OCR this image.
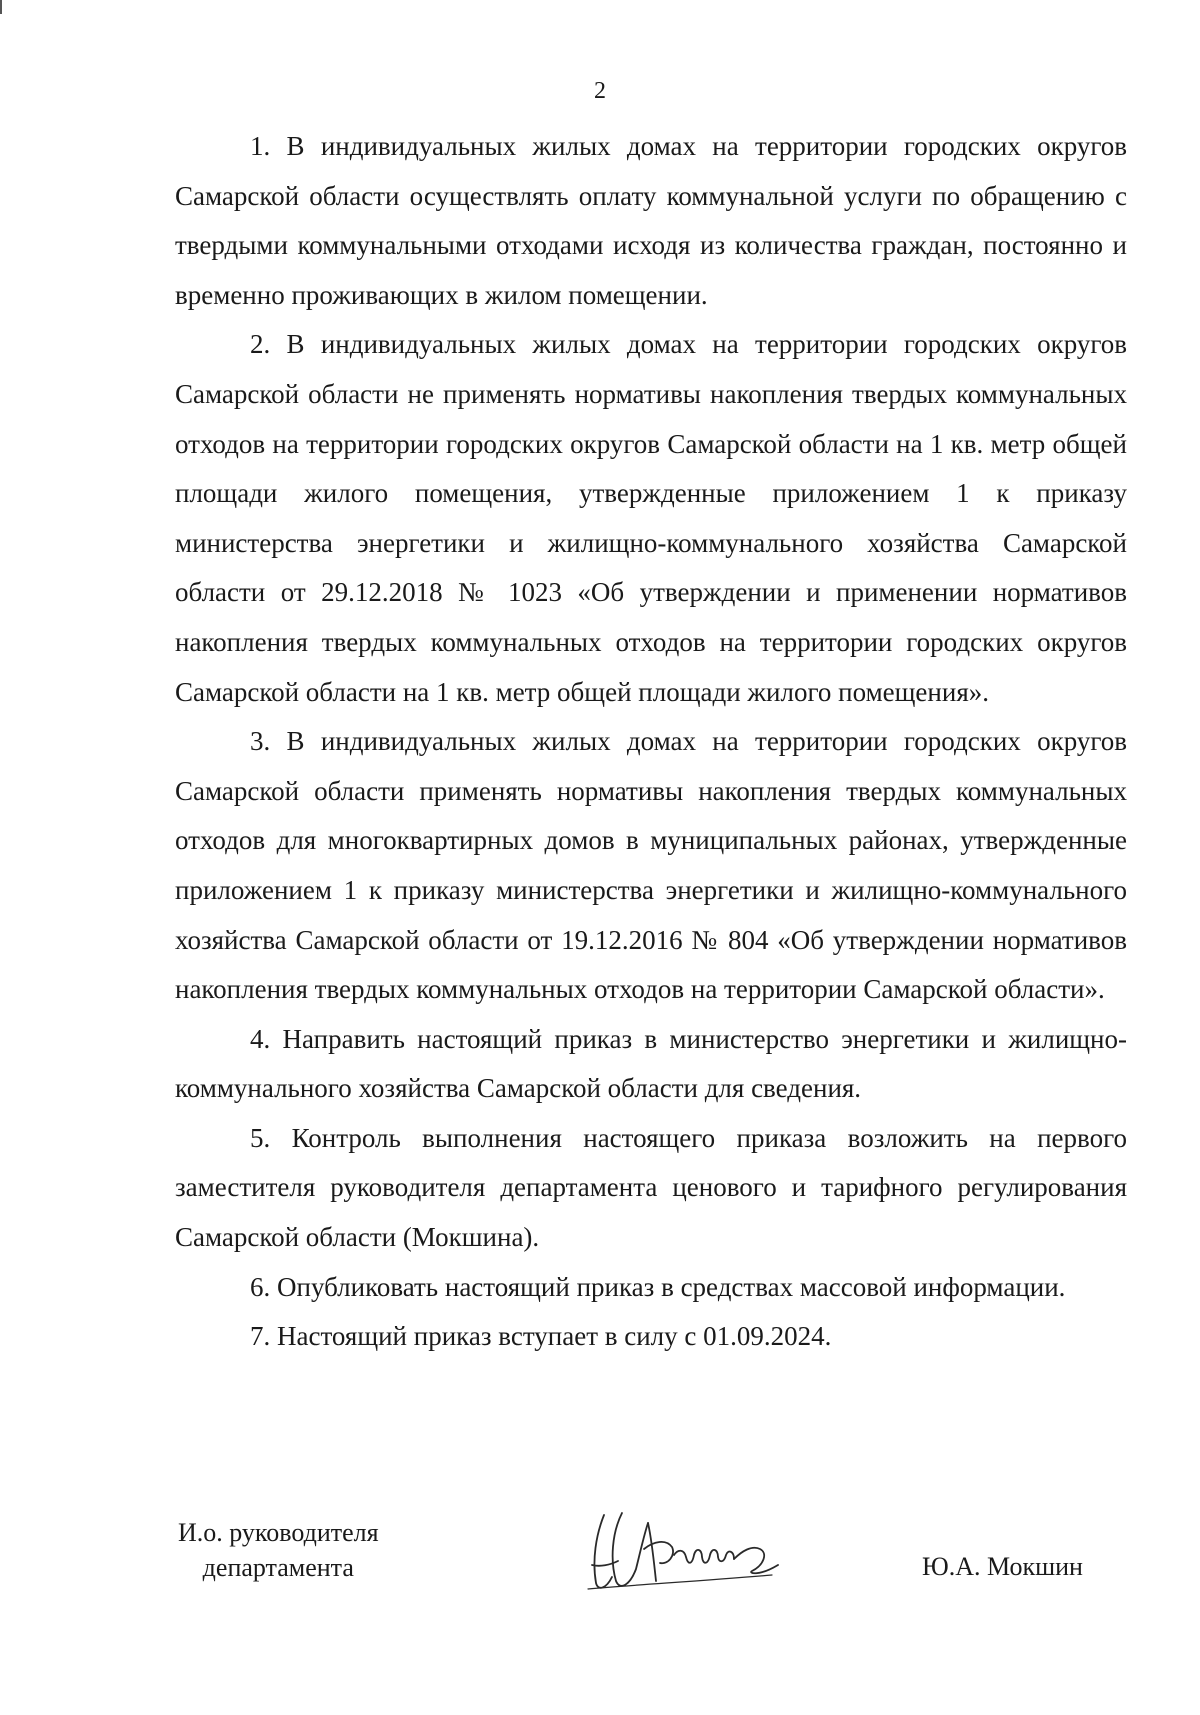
2

1. В индивидуальных жилых домах на территории городских округов Самарской области осуществлять оплату коммунальной услуги по обращению с твердыми коммунальными отходами исходя из количества граждан, постоянно и временно проживающих в жилом помещении.

2. В индивидуальных жилых домах на территории городских округов Самарской области не применять нормативы накопления твердых коммунальных отходов на территории городских округов Самарской области на 1 кв. метр общей площади жилого помещения, утвержденные приложением 1 к приказу министерства энергетики и жилищно-коммунального хозяйства Самарской области от 29.12.2018 № 1023 «Об утверждении и применении нормативов накопления твердых коммунальных отходов на территории городских округов Самарской области на 1 кв. метр общей площади жилого помещения».

3. В индивидуальных жилых домах на территории городских округов Самарской области применять нормативы накопления твердых коммунальных отходов для многоквартирных домов в муниципальных районах, утвержденные приложением 1 к приказу министерства энергетики и жилищно-коммунального хозяйства Самарской области от 19.12.2016 № 804 «Об утверждении нормативов накопления твердых коммунальных отходов на территории Самарской области».

4. Направить настоящий приказ в министерство энергетики и жилищно-коммунального хозяйства Самарской области для сведения.

5. Контроль выполнения настоящего приказа возложить на первого заместителя руководителя департамента ценового и тарифного регулирования Самарской области (Мокшина).

6. Опубликовать настоящий приказ в средствах массовой информации.

7. Настоящий приказ вступает в силу с 01.09.2024.

И.о. руководителя
департамента	Ю.А. Мокшин
